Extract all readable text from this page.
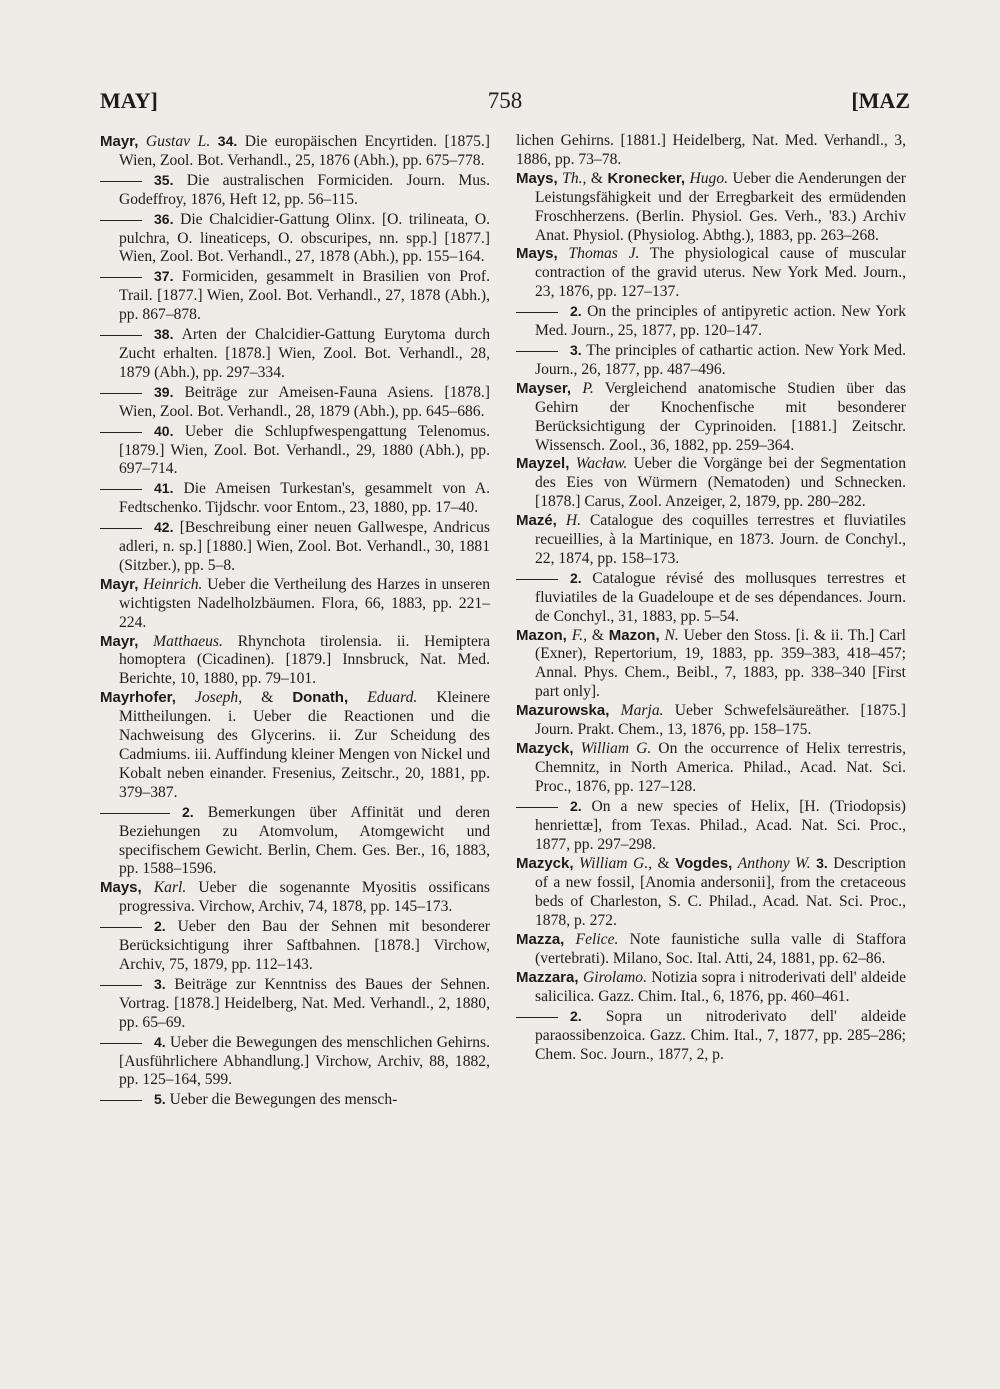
758
MAY]	[MAZ

Mayr, Gustav L. 34. Die europäischen Encyrtiden. [1875.] Wien, Zool. Bot. Verhandl., 25, 1876 (Abh.), pp. 675–778.

35. Die australischen Formiciden. Journ. Mus. Godeffroy, 1876, Heft 12, pp. 56–115.

36. Die Chalcidier-Gattung Olinx. [O. trilineata, O. pulchra, O. lineaticeps, O. obscuripes, nn. spp.] [1877.] Wien, Zool. Bot. Verhandl., 27, 1878 (Abh.), pp. 155–164.

37. Formiciden, gesammelt in Brasilien von Prof. Trail. [1877.] Wien, Zool. Bot. Verhandl., 27, 1878 (Abh.), pp. 867–878.

38. Arten der Chalcidier-Gattung Eurytoma durch Zucht erhalten. [1878.] Wien, Zool. Bot. Verhandl., 28, 1879 (Abh.), pp. 297–334.

39. Beiträge zur Ameisen-Fauna Asiens. [1878.] Wien, Zool. Bot. Verhandl., 28, 1879 (Abh.), pp. 645–686.

40. Ueber die Schlupfwespengattung Telenomus. [1879.] Wien, Zool. Bot. Verhandl., 29, 1880 (Abh.), pp. 697–714.

41. Die Ameisen Turkestan's, gesammelt von A. Fedtschenko. Tijdschr. voor Entom., 23, 1880, pp. 17–40.

42. [Beschreibung einer neuen Gallwespe, Andricus adleri, n. sp.] [1880.] Wien, Zool. Bot. Verhandl., 30, 1881 (Sitzber.), pp. 5–8.

Mayr, Heinrich. Ueber die Vertheilung des Harzes in unseren wichtigsten Nadelholzbäumen. Flora, 66, 1883, pp. 221–224.

Mayr, Matthaeus. Rhynchota tirolensia. ii. Hemiptera homoptera (Cicadinen). [1879.] Innsbruck, Nat. Med. Berichte, 10, 1880, pp. 79–101.

Mayrhofer, Joseph, & Donath, Eduard. Kleinere Mittheilungen. i. Ueber die Reactionen und die Nachweisung des Glycerins. ii. Zur Scheidung des Cadmiums. iii. Auffindung kleiner Mengen von Nickel und Kobalt neben einander. Fresenius, Zeitschr., 20, 1881, pp. 379–387.

2. Bemerkungen über Affinität und deren Beziehungen zu Atomvolum, Atomgewicht und specifischem Gewicht. Berlin, Chem. Ges. Ber., 16, 1883, pp. 1588–1596.

Mays, Karl. Ueber die sogenannte Myositis ossificans progressiva. Virchow, Archiv, 74, 1878, pp. 145–173.

2. Ueber den Bau der Sehnen mit besonderer Berücksichtigung ihrer Saftbahnen. [1878.] Virchow, Archiv, 75, 1879, pp. 112–143.

3. Beiträge zur Kenntniss des Baues der Sehnen. Vortrag. [1878.] Heidelberg, Nat. Med. Verhandl., 2, 1880, pp. 65–69.

4. Ueber die Bewegungen des menschlichen Gehirns. [Ausführlichere Abhandlung.] Virchow, Archiv, 88, 1882, pp. 125–164, 599.

5. Ueber die Bewegungen des mensch-

lichen Gehirns. [1881.] Heidelberg, Nat. Med. Verhandl., 3, 1886, pp. 73–78.

Mays, Th., & Kronecker, Hugo. Ueber die Aenderungen der Leistungsfähigkeit und der Erregbarkeit des ermüdenden Froschherzens. (Berlin. Physiol. Ges. Verh., '83.) Archiv Anat. Physiol. (Physiolog. Abthg.), 1883, pp. 263–268.

Mays, Thomas J. The physiological cause of muscular contraction of the gravid uterus. New York Med. Journ., 23, 1876, pp. 127–137.

2. On the principles of antipyretic action. New York Med. Journ., 25, 1877, pp. 120–147.

3. The principles of cathartic action. New York Med. Journ., 26, 1877, pp. 487–496.

Mayser, P. Vergleichend anatomische Studien über das Gehirn der Knochenfische mit besonderer Berücksichtigung der Cyprinoiden. [1881.] Zeitschr. Wissensch. Zool., 36, 1882, pp. 259–364.

Mayzel, Wacław. Ueber die Vorgänge bei der Segmentation des Eies von Würmern (Nematoden) und Schnecken. [1878.] Carus, Zool. Anzeiger, 2, 1879, pp. 280–282.

Mazé, H. Catalogue des coquilles terrestres et fluviatiles recueillies, à la Martinique, en 1873. Journ. de Conchyl., 22, 1874, pp. 158–173.

2. Catalogue révisé des mollusques terrestres et fluviatiles de la Guadeloupe et de ses dépendances. Journ. de Conchyl., 31, 1883, pp. 5–54.

Mazon, F., & Mazon, N. Ueber den Stoss. [i. & ii. Th.] Carl (Exner), Repertorium, 19, 1883, pp. 359–383, 418–457; Annal. Phys. Chem., Beibl., 7, 1883, pp. 338–340 [First part only].

Mazurowska, Marja. Ueber Schwefelsäureäther. [1875.] Journ. Prakt. Chem., 13, 1876, pp. 158–175.

Mazyck, William G. On the occurrence of Helix terrestris, Chemnitz, in North America. Philad., Acad. Nat. Sci. Proc., 1876, pp. 127–128.

2. On a new species of Helix, [H. (Triodopsis) henriettæ], from Texas. Philad., Acad. Nat. Sci. Proc., 1877, pp. 297–298.

Mazyck, William G., & Vogdes, Anthony W. 3. Description of a new fossil, [Anomia andersonii], from the cretaceous beds of Charleston, S. C. Philad., Acad. Nat. Sci. Proc., 1878, p. 272.

Mazza, Felice. Note faunistiche sulla valle di Staffora (vertebrati). Milano, Soc. Ital. Atti, 24, 1881, pp. 62–86.

Mazzara, Girolamo. Notizia sopra i nitroderivati dell' aldeide salicilica. Gazz. Chim. Ital., 6, 1876, pp. 460–461.

2. Sopra un nitroderivato dell' aldeide paraossibenzoica. Gazz. Chim. Ital., 7, 1877, pp. 285–286; Chem. Soc. Journ., 1877, 2, p.
